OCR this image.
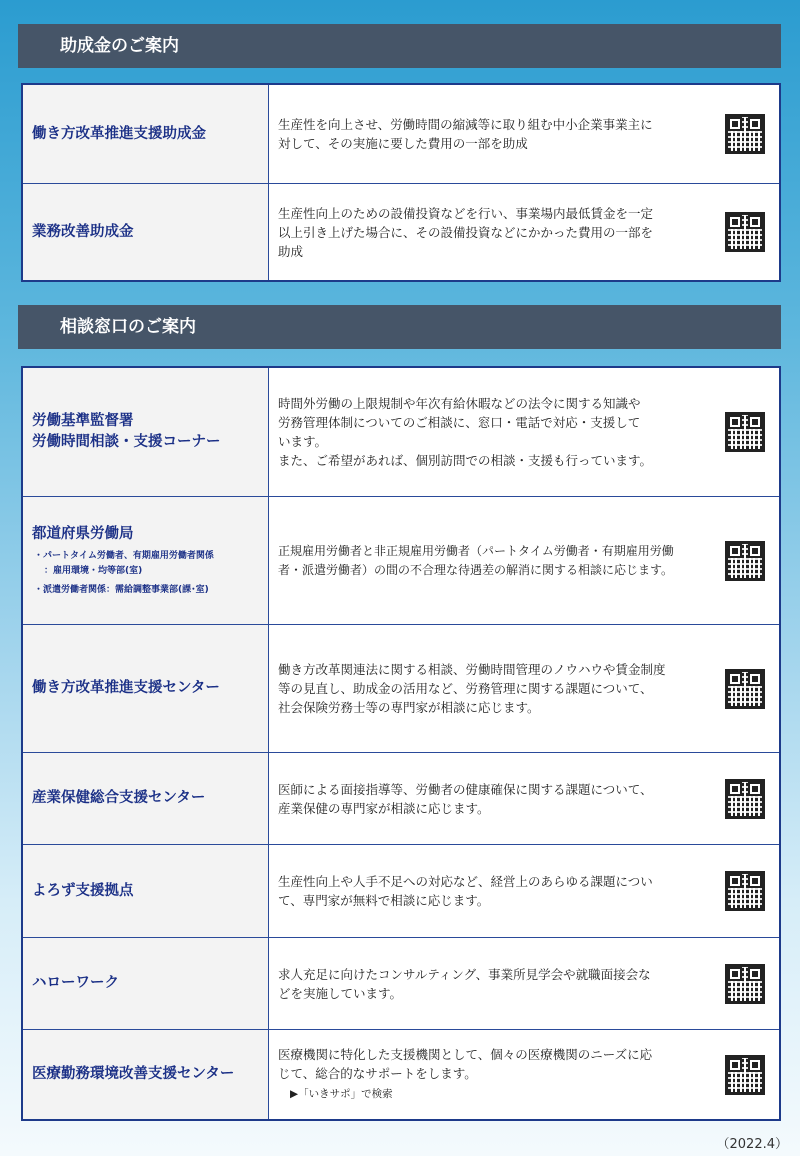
助成金のご案内
働き方改革推進支援助成金
生産性を向上させ、労働時間の縮減等に取り組む中小企業事業主に
対して、その実施に要した費用の一部を助成
業務改善助成金
生産性向上のための設備投資などを行い、事業場内最低賃金を一定
以上引き上げた場合に、その設備投資などにかかった費用の一部を
助成
相談窓口のご案内
労働基準監督署
労働時間相談・支援コーナー
時間外労働の上限規制や年次有給休暇などの法令に関する知識や
労務管理体制についてのご相談に、窓口・電話で対応・支援して
います。
また、ご希望があれば、個別訪問での相談・支援も行っています。
都道府県労働局
・パートタイム労働者、有期雇用労働者関係
：雇用環境・均等部(室)
・派遣労働者関係：需給調整事業部(課･室)
正規雇用労働者と非正規雇用労働者（パートタイム労働者・有期雇用労働
者・派遣労働者）の間の不合理な待遇差の解消に関する相談に応じます。
働き方改革推進支援センター
働き方改革関連法に関する相談、労働時間管理のノウハウや賃金制度
等の見直し、助成金の活用など、労務管理に関する課題について、
社会保険労務士等の専門家が相談に応じます。
産業保健総合支援センター
医師による面接指導等、労働者の健康確保に関する課題について、
産業保健の専門家が相談に応じます。
よろず支援拠点
生産性向上や人手不足への対応など、経営上のあらゆる課題につい
て、専門家が無料で相談に応じます。
ハローワーク
求人充足に向けたコンサルティング、事業所見学会や就職面接会な
どを実施しています。
医療勤務環境改善支援センター

医療機関に特化した支援機関として、個々の医療機関のニーズに応
じて、総合的なサポートをします。

▶「いきサポ」で検索

（2022.4）
